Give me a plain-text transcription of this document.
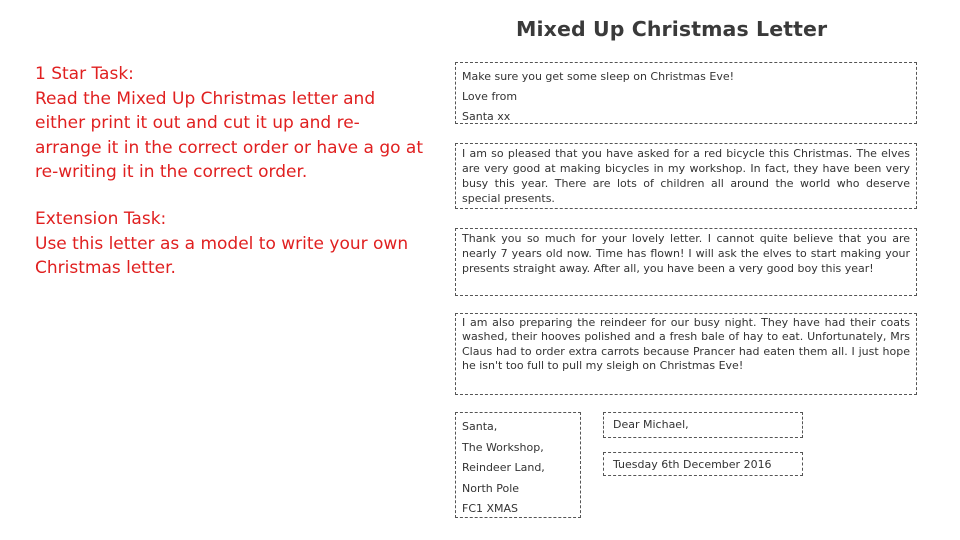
1 Star Task:

Read the Mixed Up Christmas letter and either print it out and cut it up and re-arrange it in the correct order or have a go at re-writing it in the correct order.

Extension Task:

Use this letter as a model to write your own Christmas letter.

Mixed Up Christmas Letter

Make sure you get some sleep on Christmas Eve!

Love from

Santa xx

I am so pleased that you have asked for a red bicycle this Christmas. The elves are very good at making bicycles in my workshop. In fact, they have been very busy this year. There are lots of children all around the world who deserve special presents.

Thank you so much for your lovely letter. I cannot quite believe that you are nearly 7 years old now. Time has flown! I will ask the elves to start making your presents straight away. After all, you have been a very good boy this year!

I am also preparing the reindeer for our busy night. They have had their coats washed, their hooves polished and a fresh bale of hay to eat. Unfortunately, Mrs Claus had to order extra carrots because Prancer had eaten them all. I just hope he isn't too full to pull my sleigh on Christmas Eve!

Santa,

The Workshop,

Reindeer Land,

North Pole

FC1 XMAS

Dear Michael,

Tuesday 6th December 2016
